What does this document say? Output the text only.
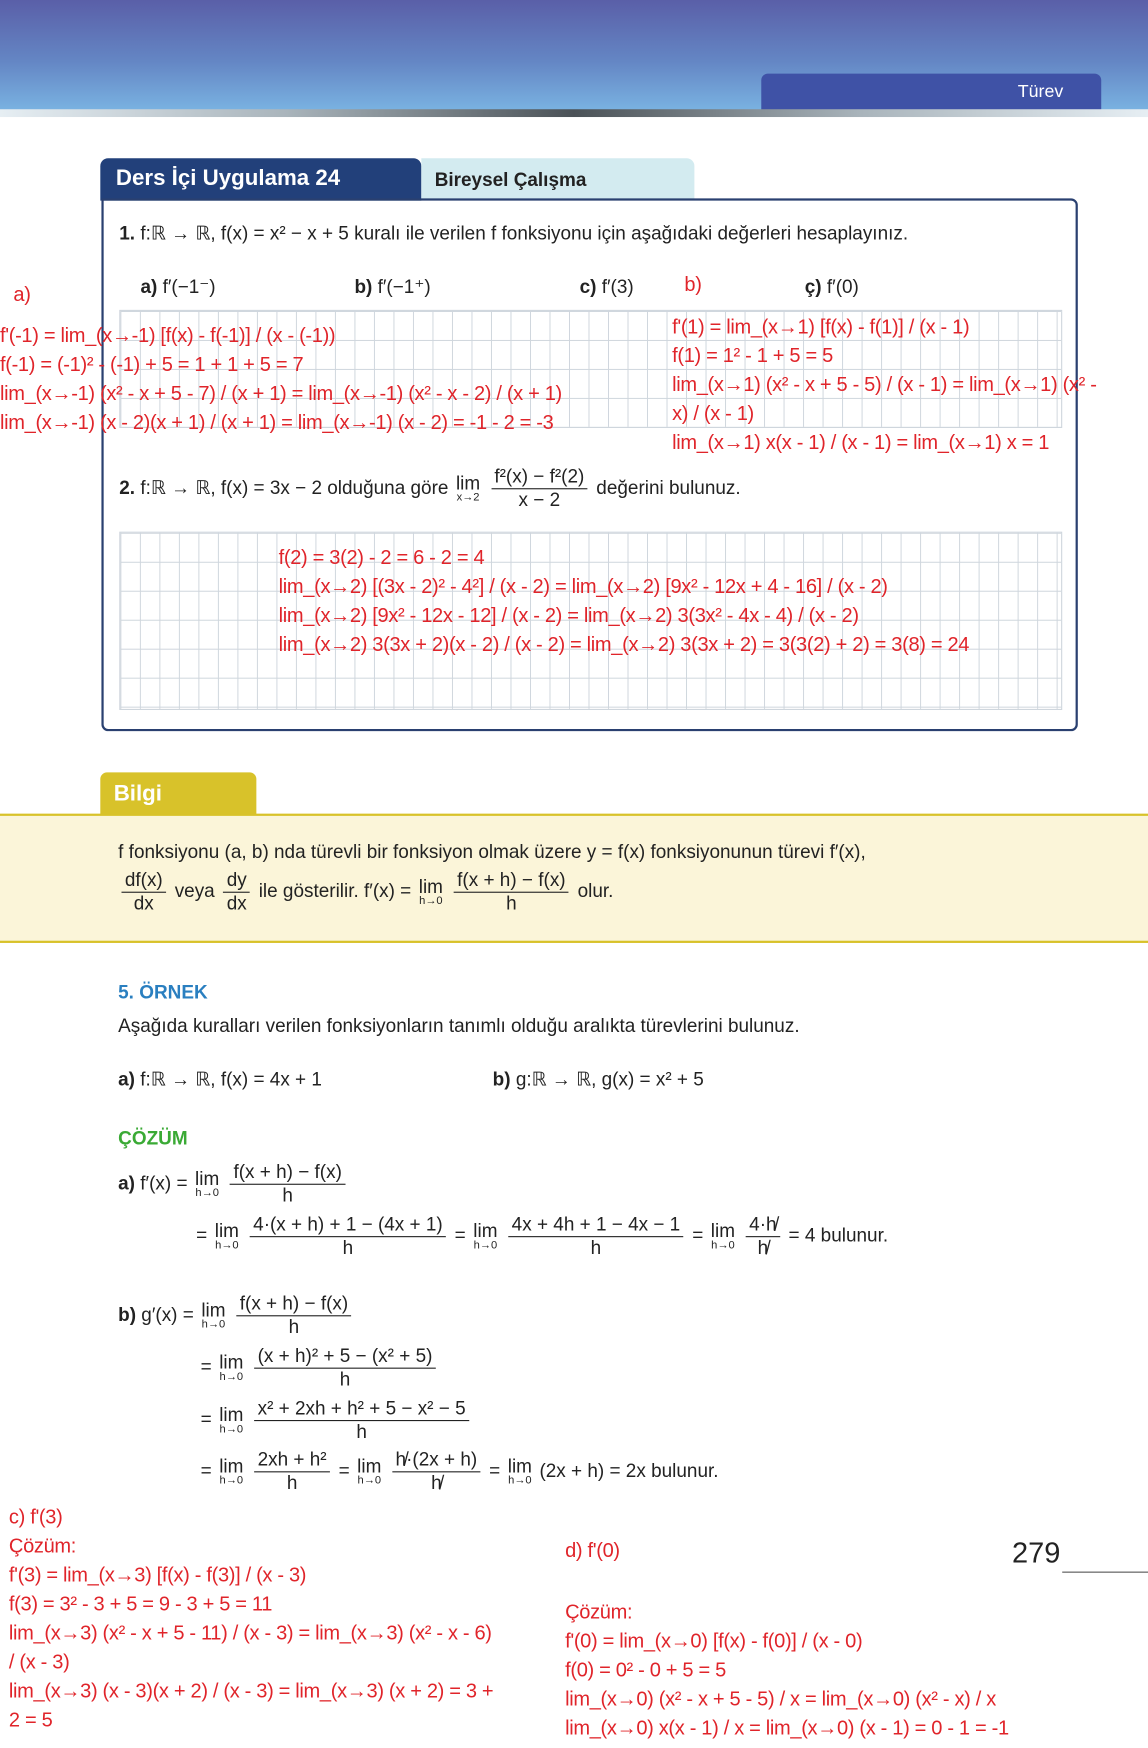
Türev
Ders İçi Uygulama 24	Bireysel Çalışma
1. f:ℝ → ℝ, f(x) = x² − x + 5 kuralı ile verilen f fonksiyonu için aşağıdaki değerleri hesaplayınız.
a) f′(−1⁻)	b) f′(−1⁺)	c) f′(3)	ç) f′(0)
a)
f'(-1) = lim_(x→-1) [f(x) - f(-1)] / (x - (-1))
f(-1) = (-1)² - (-1) + 5 = 1 + 1 + 5 = 7
lim_(x→-1) (x² - x + 5 - 7) / (x + 1) = lim_(x→-1) (x² - x - 2) / (x + 1)
lim_(x→-1) (x - 2)(x + 1) / (x + 1) = lim_(x→-1) (x - 2) = -1 - 2 = -3
b)
f'(1) = lim_(x→1) [f(x) - f(1)] / (x - 1)
f(1) = 1² - 1 + 5 = 5
lim_(x→1) (x² - x + 5 - 5) / (x - 1) = lim_(x→1) (x² -
x) / (x - 1)
lim_(x→1) x(x - 1) / (x - 1) = lim_(x→1) x = 1
2. f:ℝ → ℝ, f(x) = 3x − 2 olduğuna göre lim
x→2
$\frac{\text{f²(x) − f²(2)}}{x - 2}$ değerini bulunuz.
f(2) = 3(2) - 2 = 6 - 2 = 4
lim_(x→2) [(3x - 2)² - 4²] / (x - 2) = lim_(x→2) [9x² - 12x + 4 - 16] / (x - 2)
lim_(x→2) [9x² - 12x - 12] / (x - 2) = lim_(x→2) 3(3x² - 4x - 4) / (x - 2)
lim_(x→2) 3(3x + 2)(x - 2) / (x - 2) = lim_(x→2) 3(3x + 2) = 3(3(2) + 2) = 3(8) = 24
Bilgi
f fonksiyonu (a, b) nda türevli bir fonksiyon olmak üzere y = f(x) fonksiyonunun türevi f′(x),
$\frac{df(x)}{dx}$ veya $\frac{dy}{dx}$ ile gösterilir. f′(x) = lim
h→0
$\frac{f(x + h) - f(x)}{h}$ olur.
5. ÖRNEK
Aşağıda kuralları verilen fonksiyonların tanımlı olduğu aralıkta türevlerini bulunuz.
a) f:ℝ → ℝ, f(x) = 4x + 1	b) g:ℝ → ℝ, g(x) = x² + 5
ÇÖZÜM
a) f′(x) = lim
h→0
$\frac{f(x + h) - f(x)}{h}$
= lim
h→0
$\frac{4\cdot(x + h) + 1 - (4x + 1)}{h} = \lim$
h→0
$\frac{4x + 4h + 1 - 4x - 1}{h} = \lim$
h→0
$\frac{4\cdot h̸}{h̸} = 4$ bulunur.
b) g′(x) = lim
h→0
$\frac{f(x + h) - f(x)}{h}$
= lim
h→0
$\frac{\text{(x + h)² + 5 − (x² + 5)}}{h}$
= lim
h→0
$\frac{\text{x² + 2xh + h² + 5 − x² − 5}}{h}$
= lim
h→0
$\frac{\text{2xh + h²}}{h} = \lim$
h→0
$\frac{h̸\cdot(2x + h)}{h̸} = \lim$
h→0 (2x + h) = 2x bulunur.
c) f'(3)
Çözüm:
f'(3) = lim_(x→3) [f(x) - f(3)] / (x - 3)
f(3) = 3² - 3 + 5 = 9 - 3 + 5 = 11
lim_(x→3) (x² - x + 5 - 11) / (x - 3) = lim_(x→3) (x² - x - 6)
/ (x - 3)
lim_(x→3) (x - 3)(x + 2) / (x - 3) = lim_(x→3) (x + 2) = 3 +
2 = 5
d) f'(0)
Çözüm:
f'(0) = lim_(x→0) [f(x) - f(0)] / (x - 0)
f(0) = 0² - 0 + 5 = 5
lim_(x→0) (x² - x + 5 - 5) / x = lim_(x→0) (x² - x) / x
lim_(x→0) x(x - 1) / x = lim_(x→0) (x - 1) = 0 - 1 = -1
279
